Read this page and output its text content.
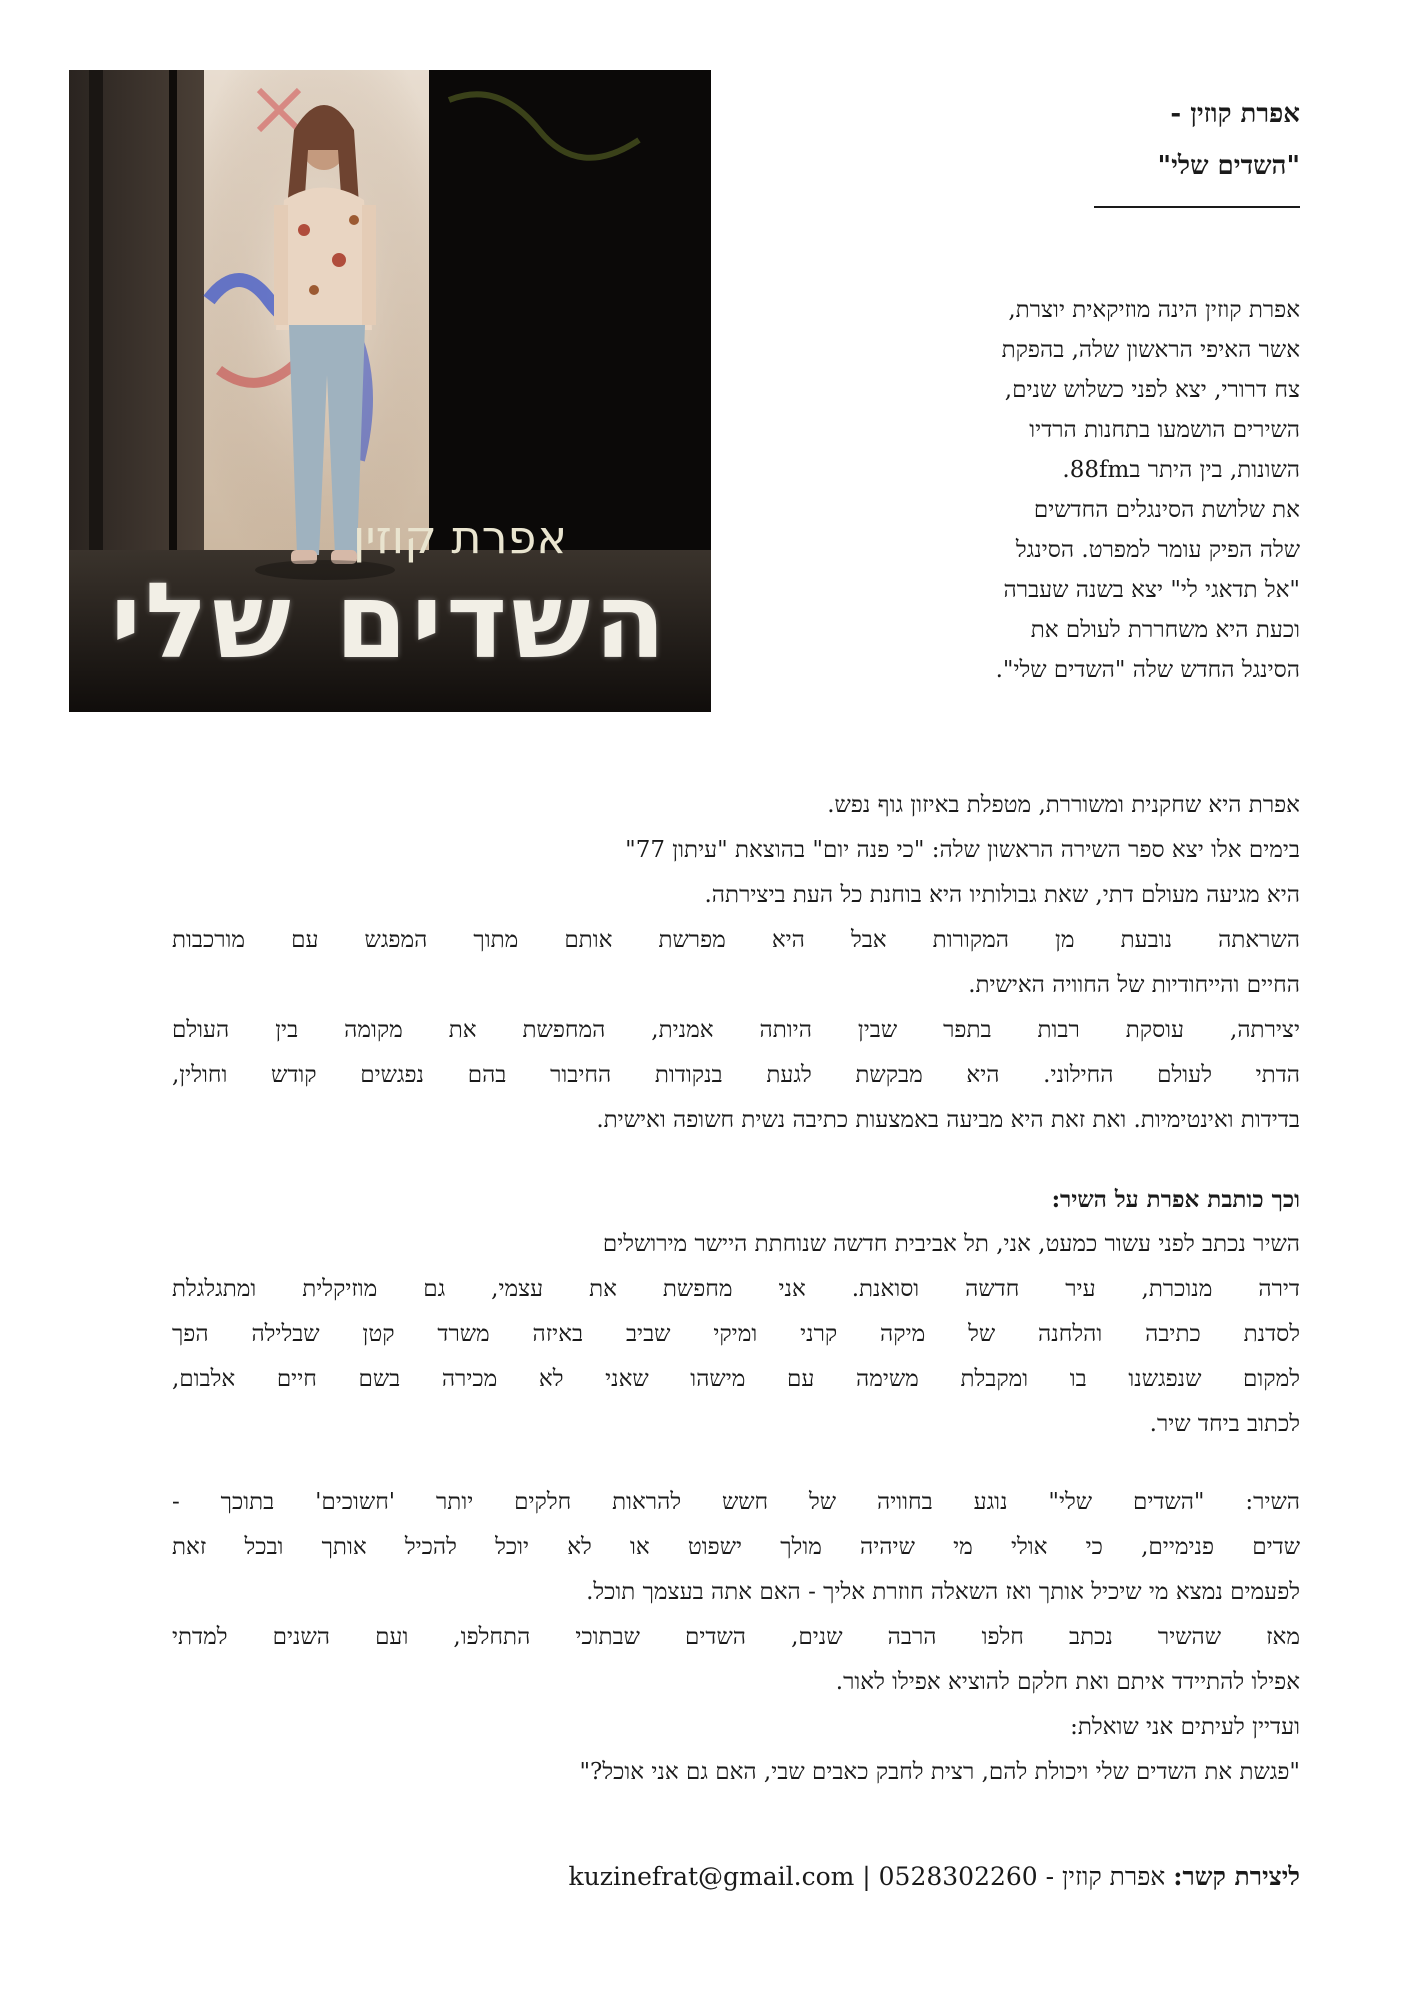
אפרת קוזין
השדים שלי
אפרת קוזין -
"השדים שלי"
אפרת קוזין הינה מוזיקאית יוצרת,
אשר האיפי הראשון שלה, בהפקת
צח דרורי, יצא לפני כשלוש שנים,
השירים הושמעו בתחנות הרדיו
השונות, בין היתר ב88fm.
את שלושת הסינגלים החדשים
שלה הפיק עומר למפרט. הסינגל
"אל תדאגי לי" יצא בשנה שעברה
וכעת היא משחררת לעולם את
הסינגל החדש שלה "השדים שלי".
אפרת היא שחקנית ומשוררת, מטפלת באיזון גוף נפש.
בימים אלו יצא ספר השירה הראשון שלה: "כי פנה יום" בהוצאת "עיתון 77"
היא מגיעה מעולם דתי, שאת גבולותיו היא בוחנת כל העת ביצירתה.
השראתה נובעת מן המקורות אבל היא מפרשת אותם מתוך המפגש עם מורכבות
החיים והייחודיות של החוויה האישית.
יצירתה, עוסקת רבות בתפר שבין היותה אמנית, המחפשת את מקומה בין העולם
הדתי לעולם החילוני. היא מבקשת לגעת בנקודות החיבור בהם נפגשים קודש וחולין,
בדידות ואינטימיות. ואת זאת היא מביעה באמצעות כתיבה נשית חשופה ואישית.
וכך כותבת אפרת על השיר:
השיר נכתב לפני עשור כמעט, אני, תל אביבית חדשה שנוחתת היישר מירושלים
דירה מנוכרת, עיר חדשה וסואנת. אני מחפשת את עצמי, גם מוזיקלית ומתגלגלת
לסדנת כתיבה והלחנה של מיקה קרני ומיקי שביב באיזה משרד קטן שבלילה הפך
למקום שנפגשנו בו ומקבלת משימה עם מישהו שאני לא מכירה בשם חיים אלבום,
לכתוב ביחד שיר.
השיר: "השדים שלי" נוגע בחוויה של חשש להראות חלקים יותר 'חשוכים' בתוכך -
שדים פנימיים, כי אולי מי שיהיה מולך ישפוט או לא יוכל להכיל אותך ובכל זאת
לפעמים נמצא מי שיכיל אותך ואז השאלה חוזרת אליך - האם אתה בעצמך תוכל.
מאז שהשיר נכתב חלפו הרבה שנים, השדים שבתוכי התחלפו, ועם השנים למדתי
אפילו להתיידד איתם ואת חלקם להוציא אפילו לאור.
ועדיין לעיתים אני שואלת:
"פגשת את השדים שלי ויכולת להם, רצית לחבק כאבים שבי, האם גם אני אוכל?"
ליצירת קשר: אפרת קוזין - 0528302260 | kuzinefrat@gmail.com
